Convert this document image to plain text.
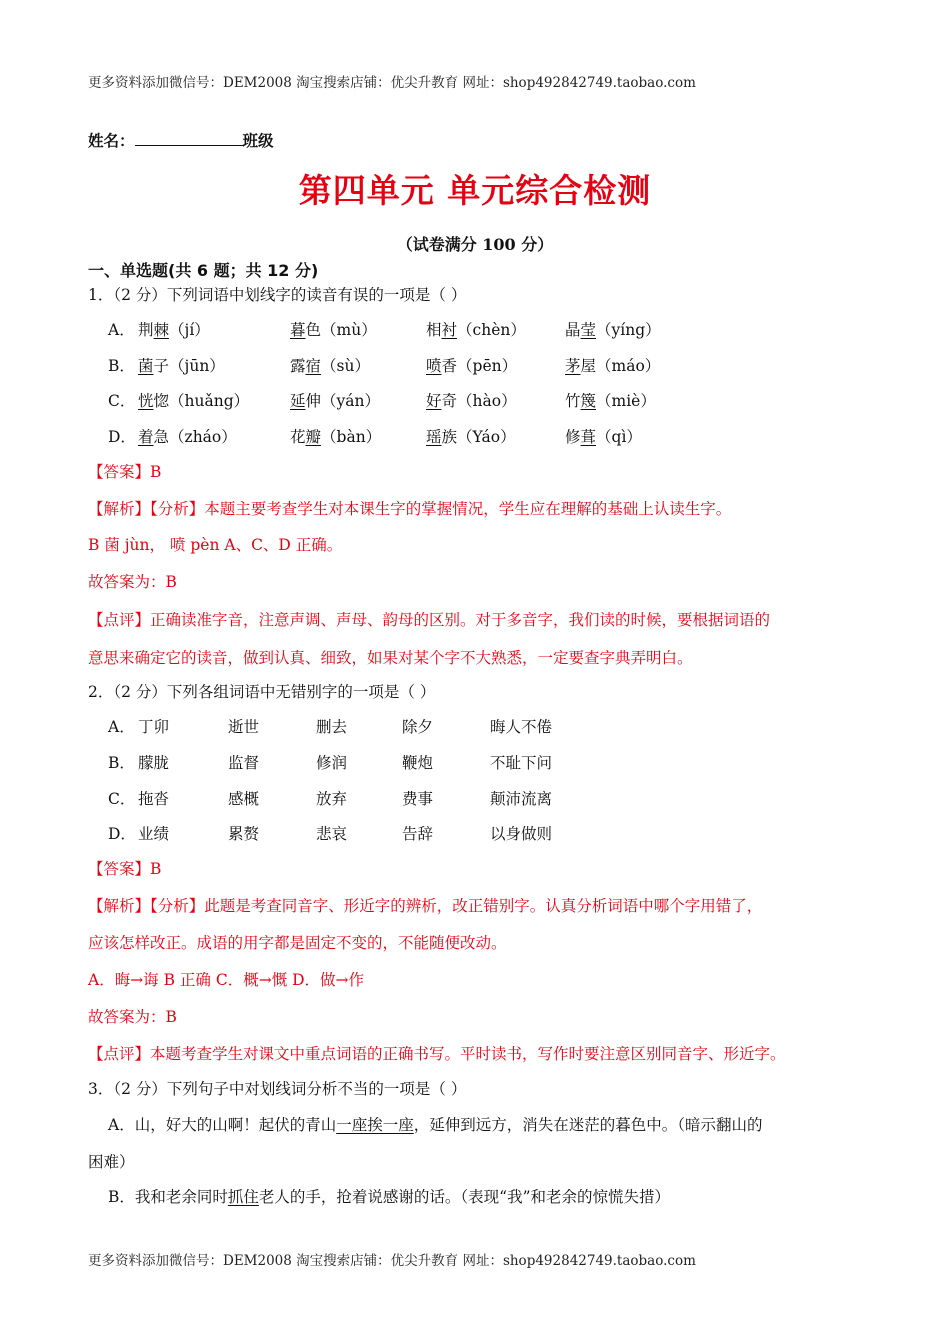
更多资料添加微信号：DEM2008 淘宝搜索店铺：优尖升教育 网址：shop492842749.taobao.com
姓名：	班级
第四单元 单元综合检测
（试卷满分 100 分）
一、单选题(共 6 题；共 12 分)
1．（2 分）下列词语中划线字的读音有误的一项是（ ）
A． 荆棘（jí）	暮色（mù）	相衬（chèn）	晶莹（yíng）
B． 菌子（jūn）	露宿（sù）	喷香（pēn）	茅屋（máo）
C． 恍惚（huǎng）	延伸（yán）	好奇（hào）	竹篾（miè）
D． 着急（zháo）	花瓣（bàn）	瑶族（Yáo）	修葺（qì）
【答案】B
【解析】【分析】本题主要考查学生对本课生字的掌握情况，学生应在理解的基础上认读生字。
B 菌 jùn， 喷 pèn A、C、D 正确。
故答案为：B
【点评】正确读准字音，注意声调、声母、韵母的区别。对于多音字，我们读的时候，要根据词语的
意思来确定它的读音，做到认真、细致，如果对某个字不大熟悉，一定要查字典弄明白。
2．（2 分）下列各组词语中无错别字的一项是（ ）
A． 丁卯	逝世	删去	除夕	晦人不倦
B． 朦胧	监督	修润	鞭炮	不耻下问
C． 拖沓	感概	放弃	费事	颠沛流离
D． 业绩	累赘	悲哀	告辞	以身做则
【答案】B
【解析】【分析】此题是考查同音字、形近字的辨析，改正错别字。认真分析词语中哪个字用错了，
应该怎样改正。成语的用字都是固定不变的，不能随便改动。
A．晦→诲 B 正确 C．概→慨 D．做→作
故答案为：B
【点评】本题考查学生对课文中重点词语的正确书写。平时读书，写作时要注意区别同音字、形近字。
3．（2 分）下列句子中对划线词分析不当的一项是（ ）
A．山，好大的山啊！起伏的青山一座挨一座，延伸到远方，消失在迷茫的暮色中。（暗示翻山的
困难）
B．我和老余同时抓住老人的手，抢着说感谢的话。（表现“我”和老余的惊慌失措）
更多资料添加微信号：DEM2008 淘宝搜索店铺：优尖升教育 网址：shop492842749.taobao.com
